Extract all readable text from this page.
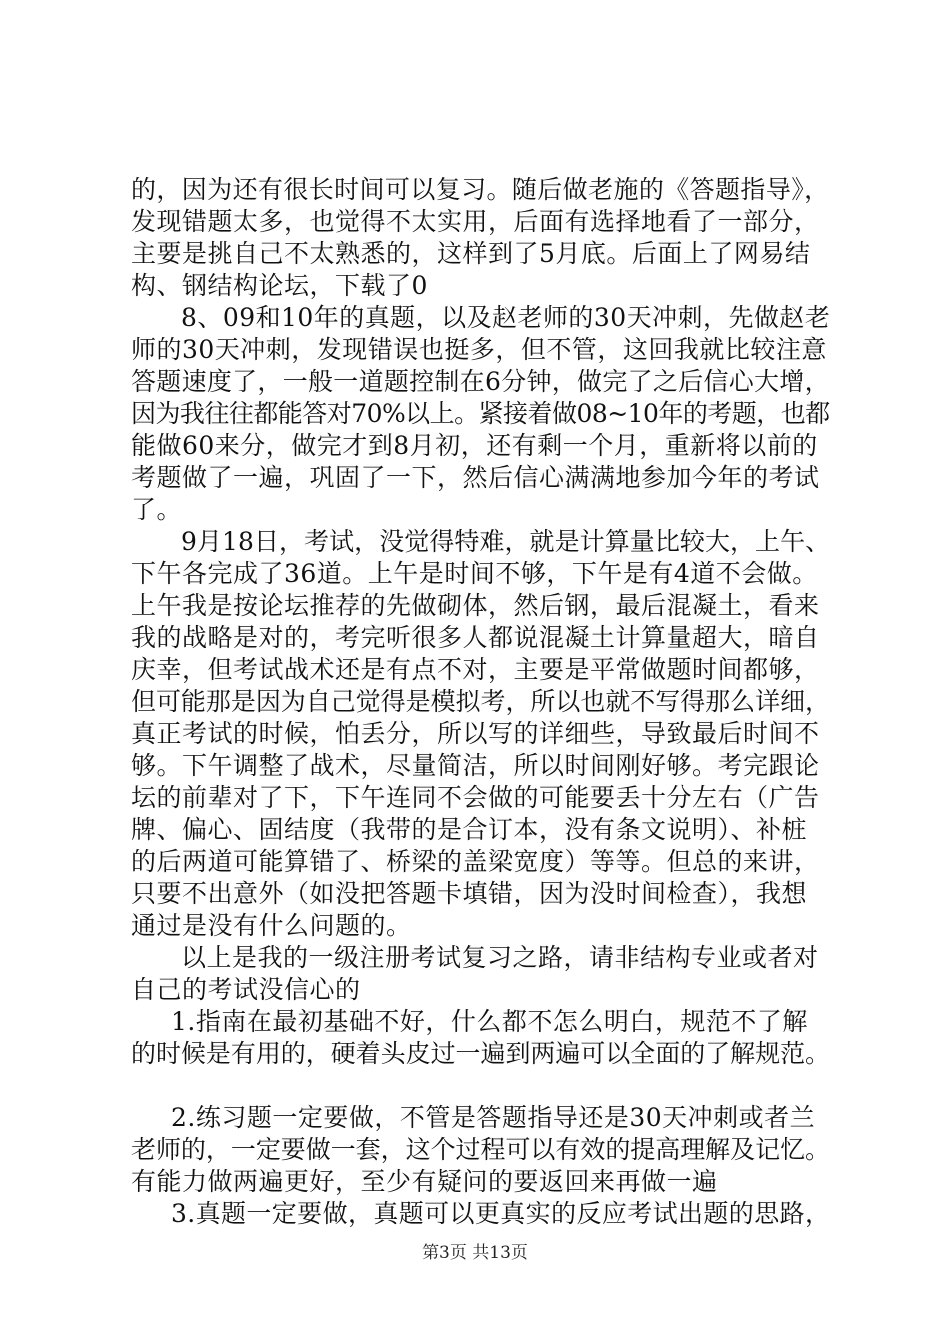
的，因为还有很长时间可以复习。随后做老施的《答题指导》，
发现错题太多，也觉得不太实用，后面有选择地看了一部分，
主要是挑自己不太熟悉的，这样到了5月底。后面上了网易结
构、钢结构论坛，下载了0
8、09和10年的真题，以及赵老师的30天冲刺，先做赵老
师的30天冲刺，发现错误也挺多，但不管，这回我就比较注意
答题速度了，一般一道题控制在6分钟，做完了之后信心大增，
因为我往往都能答对70%以上。紧接着做08~10年的考题，也都
能做60来分，做完才到8月初，还有剩一个月，重新将以前的
考题做了一遍，巩固了一下，然后信心满满地参加今年的考试
了。
9月18日，考试，没觉得特难，就是计算量比较大，上午、
下午各完成了36道。上午是时间不够，下午是有4道不会做。
上午我是按论坛推荐的先做砌体，然后钢，最后混凝土，看来
我的战略是对的，考完听很多人都说混凝土计算量超大，暗自
庆幸，但考试战术还是有点不对，主要是平常做题时间都够，
但可能那是因为自己觉得是模拟考，所以也就不写得那么详细，
真正考试的时候，怕丢分，所以写的详细些，导致最后时间不
够。下午调整了战术，尽量简洁，所以时间刚好够。考完跟论
坛的前辈对了下，下午连同不会做的可能要丢十分左右（广告
牌、偏心、固结度（我带的是合订本，没有条文说明）、补桩
的后两道可能算错了、桥梁的盖梁宽度）等等。但总的来讲，
只要不出意外（如没把答题卡填错，因为没时间检查），我想
通过是没有什么问题的。
以上是我的一级注册考试复习之路，请非结构专业或者对
自己的考试没信心的
1.指南在最初基础不好，什么都不怎么明白，规范不了解
的时候是有用的，硬着头皮过一遍到两遍可以全面的了解规范。
2.练习题一定要做，不管是答题指导还是30天冲刺或者兰
老师的，一定要做一套，这个过程可以有效的提高理解及记忆。
有能力做两遍更好，至少有疑问的要返回来再做一遍
3.真题一定要做，真题可以更真实的反应考试出题的思路，
第3页 共13页
